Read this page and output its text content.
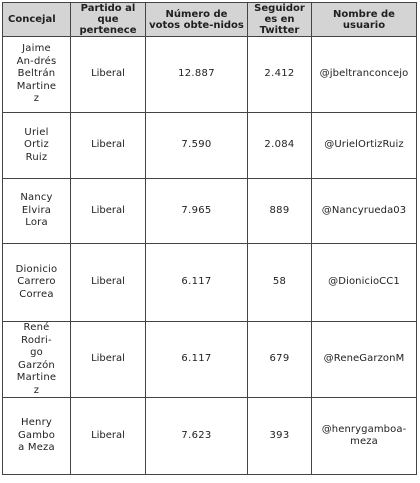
Concejal	Partido al que pertenece	Número de votos obte-nidos	Seguidores en Twitter	Nombre de usuario
Jaime An-drés Beltrán Martinez	Liberal	12.887	2.412	@jbeltranconcejo
Uriel Ortiz Ruiz	Liberal	7.590	2.084	@UrielOrtizRuiz
Nancy Elvira Lora	Liberal	7.965	889	@Nancyrueda03
Dionicio Carrero Correa	Liberal	6.117	58	@DionicioCC1
René Rodri-go Garzón Martinez	Liberal	6.117	679	@ReneGarzonM
Henry Gamboa Meza	Liberal	7.623	393	@henrygamboa-meza
